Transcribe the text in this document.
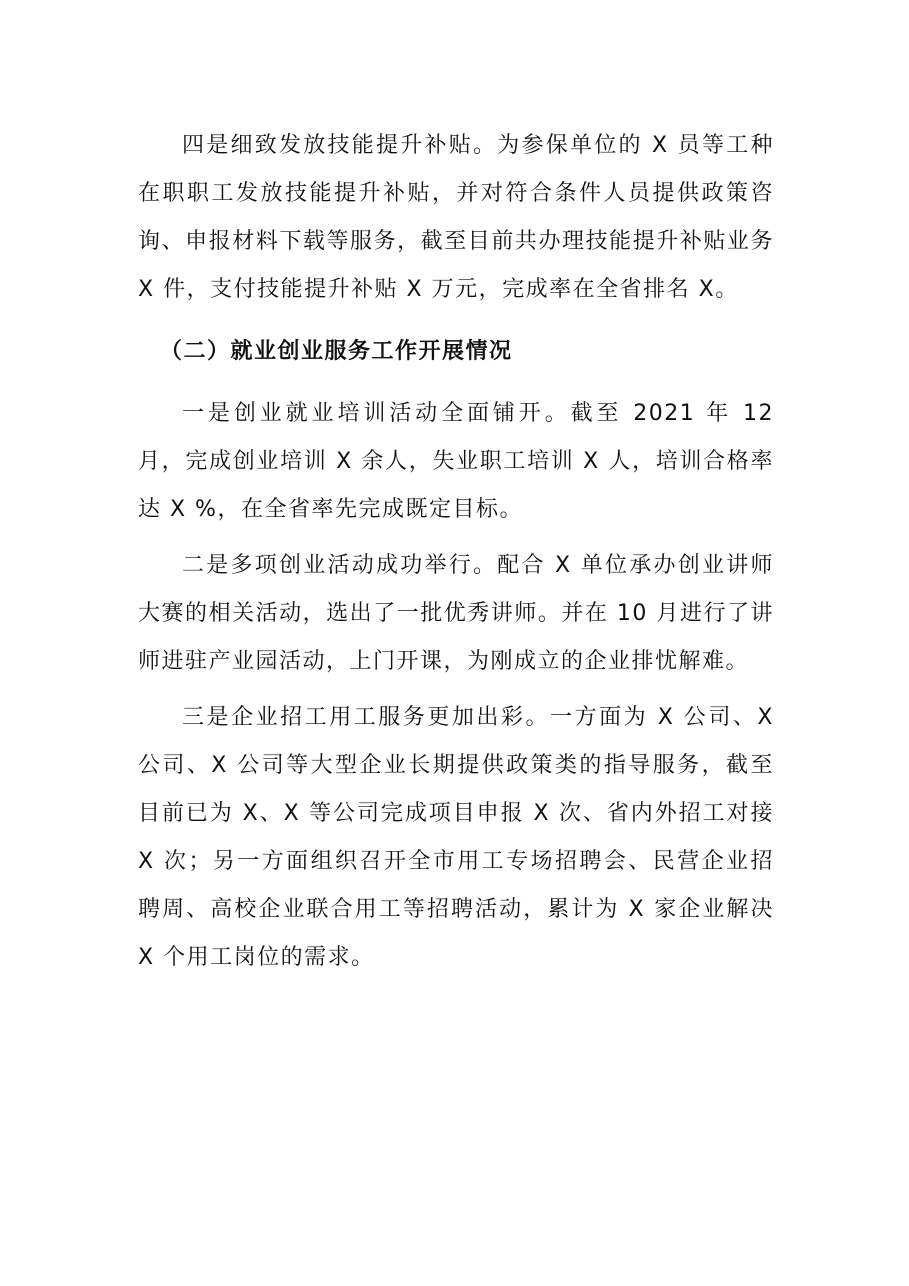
四是细致发放技能提升补贴。为参保单位的 X 员等工种在职职工发放技能提升补贴，并对符合条件人员提供政策咨询、申报材料下载等服务，截至目前共办理技能提升补贴业务 X 件，支付技能提升补贴 X 万元，完成率在全省排名 X。

（二）就业创业服务工作开展情况

一是创业就业培训活动全面铺开。截至 2021 年 12 月，完成创业培训 X 余人，失业职工培训 X 人，培训合格率达 X %，在全省率先完成既定目标。

二是多项创业活动成功举行。配合 X 单位承办创业讲师大赛的相关活动，选出了一批优秀讲师。并在 10 月进行了讲师进驻产业园活动，上门开课，为刚成立的企业排忧解难。

三是企业招工用工服务更加出彩。一方面为 X 公司、X 公司、X 公司等大型企业长期提供政策类的指导服务，截至目前已为 X、X 等公司完成项目申报 X 次、省内外招工对接 X 次；另一方面组织召开全市用工专场招聘会、民营企业招聘周、高校企业联合用工等招聘活动，累计为 X 家企业解决 X 个用工岗位的需求。
